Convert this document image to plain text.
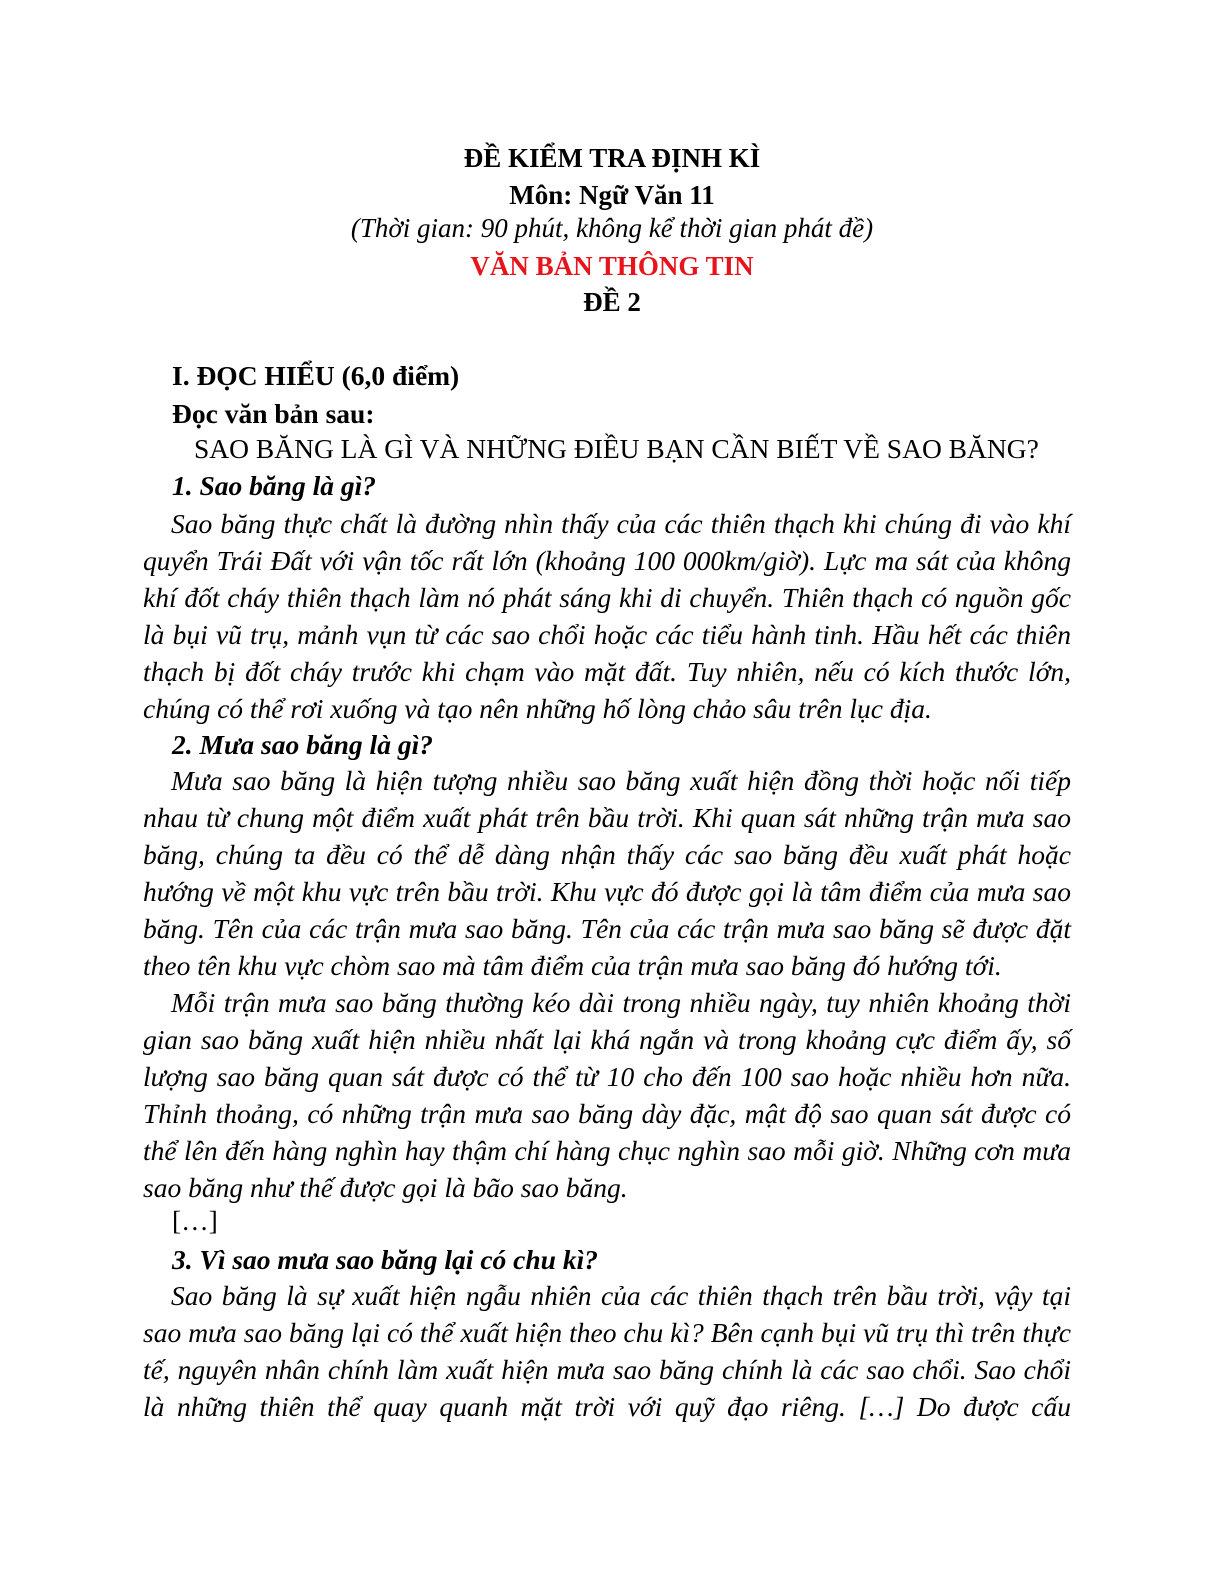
ĐỀ KIỂM TRA ĐỊNH KÌ
Môn: Ngữ Văn 11
(Thời gian: 90 phút, không kể thời gian phát đề)
VĂN BẢN THÔNG TIN
ĐỀ 2
I. ĐỌC HIỂU (6,0 điểm)
Đọc văn bản sau:
SAO BĂNG LÀ GÌ VÀ NHỮNG ĐIỀU BẠN CẦN BIẾT VỀ SAO BĂNG?
1. Sao băng là gì?

Sao băng thực chất là đường nhìn thấy của các thiên thạch khi chúng đi vào khí quyển Trái Đất với vận tốc rất lớn (khoảng 100 000km/giờ). Lực ma sát của không khí đốt cháy thiên thạch làm nó phát sáng khi di chuyển. Thiên thạch có nguồn gốc là bụi vũ trụ, mảnh vụn từ các sao chổi hoặc các tiểu hành tinh. Hầu hết các thiên thạch bị đốt cháy trước khi chạm vào mặt đất. Tuy nhiên, nếu có kích thước lớn, chúng có thể rơi xuống và tạo nên những hố lòng chảo sâu trên lục địa.

2. Mưa sao băng là gì?

Mưa sao băng là hiện tượng nhiều sao băng xuất hiện đồng thời hoặc nối tiếp nhau từ chung một điểm xuất phát trên bầu trời. Khi quan sát những trận mưa sao băng, chúng ta đều có thể dễ dàng nhận thấy các sao băng đều xuất phát hoặc hướng về một khu vực trên bầu trời. Khu vực đó được gọi là tâm điểm của mưa sao băng. Tên của các trận mưa sao băng. Tên của các trận mưa sao băng sẽ được đặt theo tên khu vực chòm sao mà tâm điểm của trận mưa sao băng đó hướng tới.

Mỗi trận mưa sao băng thường kéo dài trong nhiều ngày, tuy nhiên khoảng thời gian sao băng xuất hiện nhiều nhất lại khá ngắn và trong khoảng cực điểm ấy, số lượng sao băng quan sát được có thể từ 10 cho đến 100 sao hoặc nhiều hơn nữa. Thỉnh thoảng, có những trận mưa sao băng dày đặc, mật độ sao quan sát được có thể lên đến hàng nghìn hay thậm chí hàng chục nghìn sao mỗi giờ. Những cơn mưa sao băng như thế được gọi là bão sao băng.

[…]
3. Vì sao mưa sao băng lại có chu kì?

Sao băng là sự xuất hiện ngẫu nhiên của các thiên thạch trên bầu trời, vậy tại sao mưa sao băng lại có thể xuất hiện theo chu kì? Bên cạnh bụi vũ trụ thì trên thực tế, nguyên nhân chính làm xuất hiện mưa sao băng chính là các sao chổi. Sao chổi là những thiên thể quay quanh mặt trời với quỹ đạo riêng. […] Do được cấu
